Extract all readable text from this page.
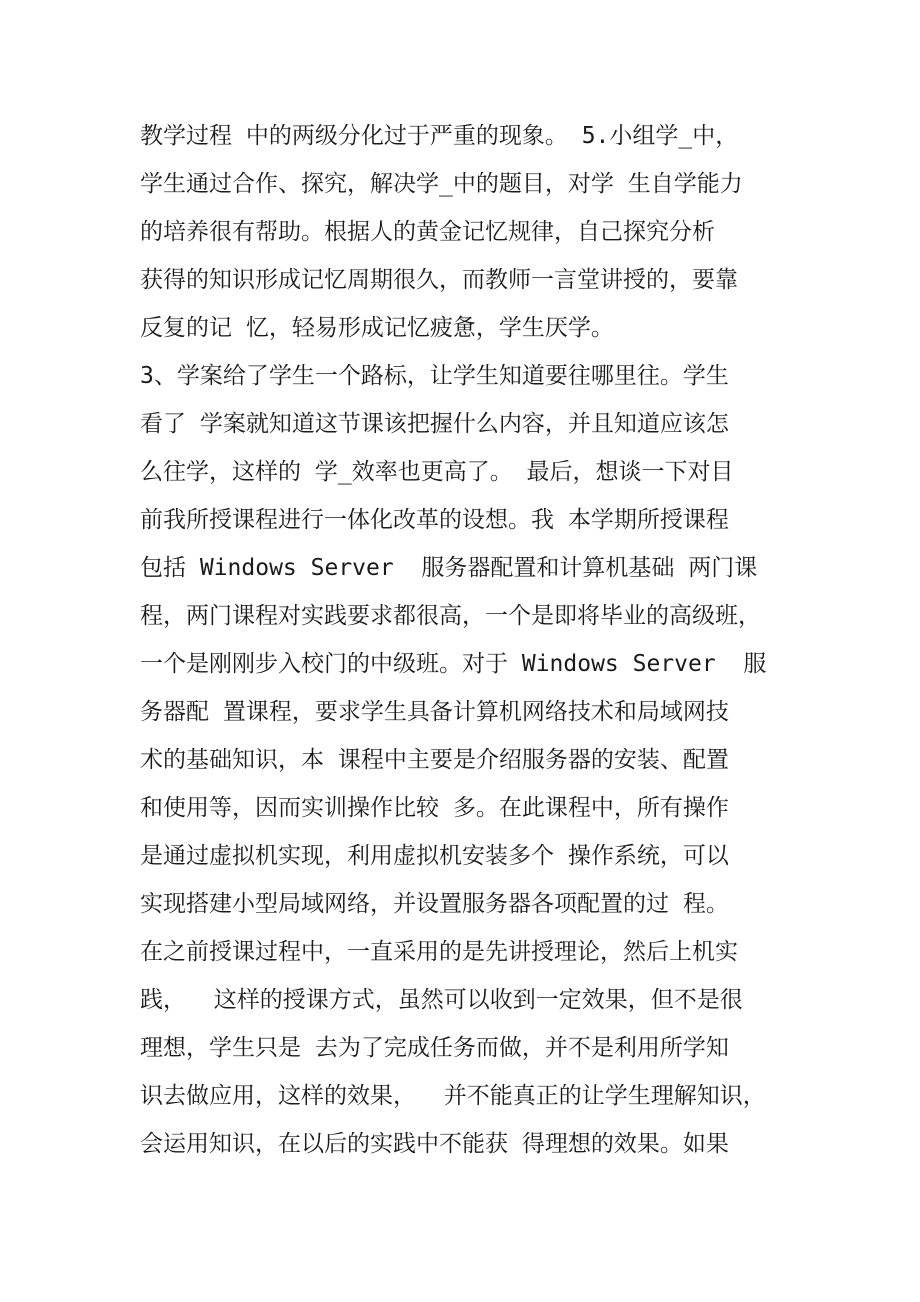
教学过程 中的两级分化过于严重的现象。 5.小组学_中，
学生通过合作、探究，解决学_中的题目，对学 生自学能力
的培养很有帮助。根据人的黄金记忆规律，自己探究分析
获得的知识形成记忆周期很久，而教师一言堂讲授的，要靠
反复的记 忆，轻易形成记忆疲惫，学生厌学。
3、学案给了学生一个路标，让学生知道要往哪里往。学生
看了 学案就知道这节课该把握什么内容，并且知道应该怎
么往学，这样的 学_效率也更高了。 最后，想谈一下对目
前我所授课程进行一体化改革的设想。我 本学期所授课程
包括 Windows Server  服务器配置和计算机基础 两门课
程，两门课程对实践要求都很高，一个是即将毕业的高级班，
一个是刚刚步入校门的中级班。对于 Windows Server  服
务器配 置课程，要求学生具备计算机网络技术和局域网技
术的基础知识，本 课程中主要是介绍服务器的安装、配置
和使用等，因而实训操作比较 多。在此课程中，所有操作
是通过虚拟机实现，利用虚拟机安装多个 操作系统，可以
实现搭建小型局域网络，并设置服务器各项配置的过 程。
在之前授课过程中，一直采用的是先讲授理论，然后上机实
践，  这样的授课方式，虽然可以收到一定效果，但不是很
理想，学生只是 去为了完成任务而做，并不是利用所学知
识去做应用，这样的效果，  并不能真正的让学生理解知识，
会运用知识，在以后的实践中不能获 得理想的效果。如果
